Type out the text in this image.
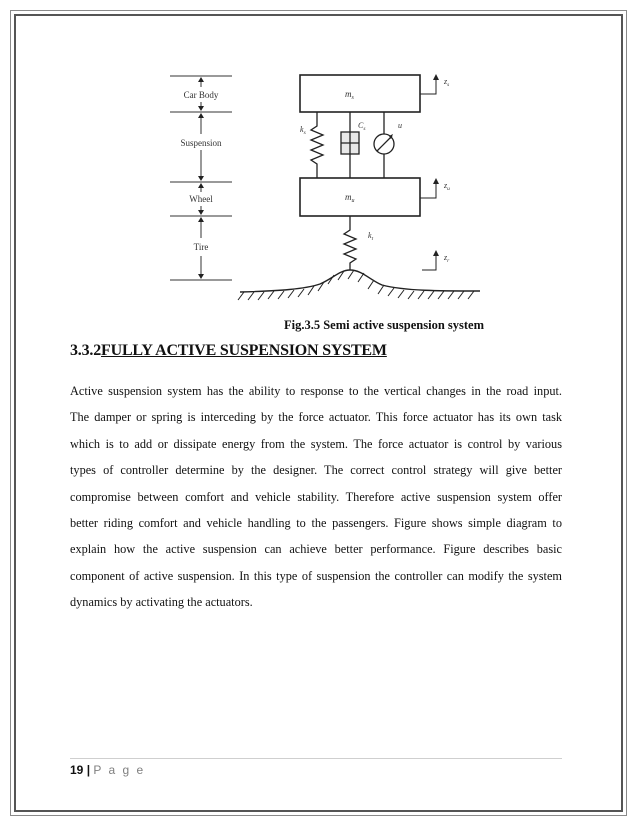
Car Body
Suspension
Wheel
Tire
$m_s$
$m_u$
$k_s$
$C_s$	u
$k_t$
$z_s$
$z_u$
$z_r$
Fig.3.5 Semi active suspension system
3.3.2FULLY ACTIVE SUSPENSION SYSTEM

Active suspension system has the ability to response to the vertical changes in the road input.

The damper or spring is interceding by the force actuator. This force actuator has its own task

which is to add or dissipate energy from the system. The force actuator is control by various

types of controller determine by the designer. The correct control strategy will give better

compromise between comfort and vehicle stability. Therefore active suspension system offer

better riding comfort and vehicle handling to the passengers. Figure shows simple diagram to

explain how the active suspension can achieve better performance. Figure describes basic

component of active suspension. In this type of suspension the controller can modify the system

dynamics by activating the actuators.

19 | P a g e
